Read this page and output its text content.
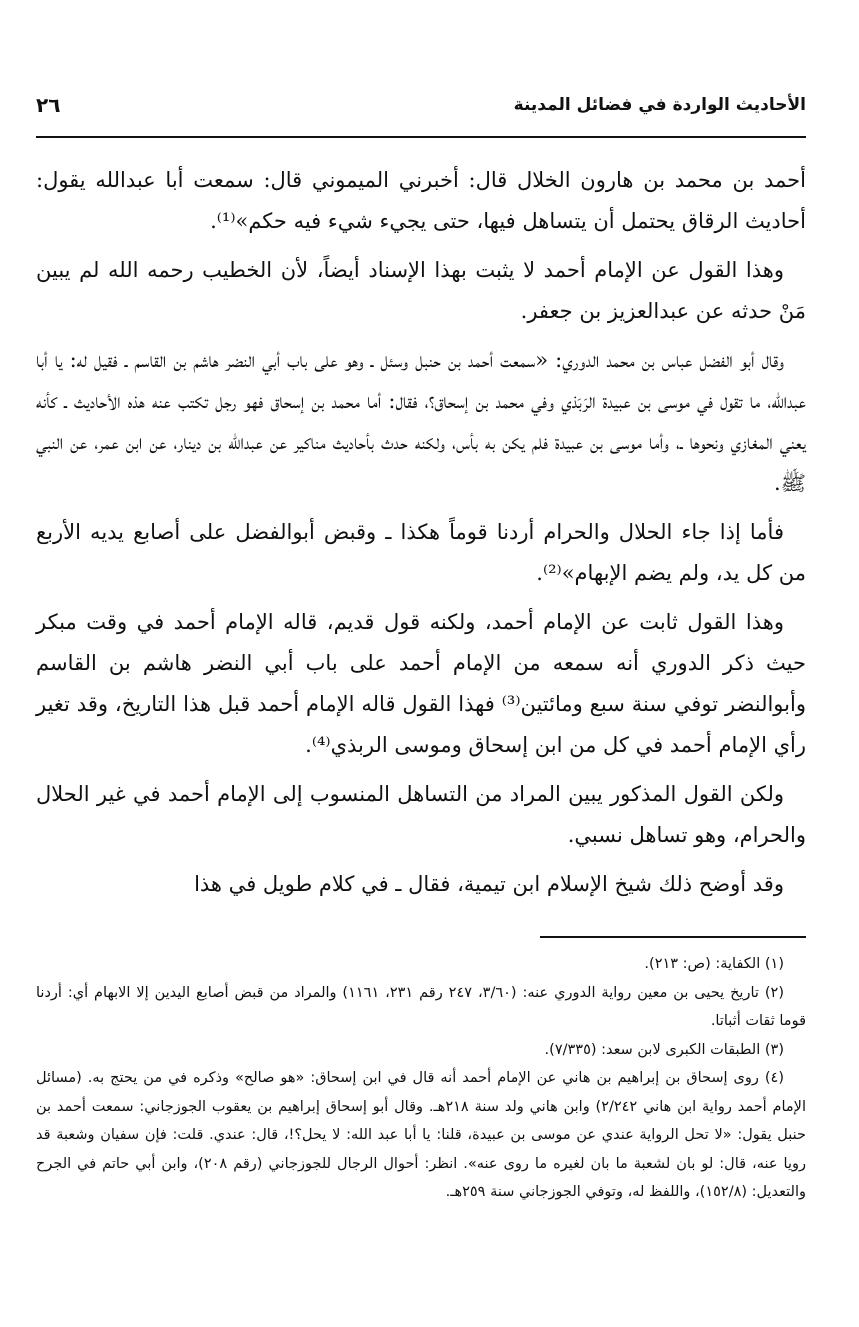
٢٦	الأحاديث الواردة في فضائل المدينة

أحمد بن محمد بن هارون الخلال قال: أخبرني الميموني قال: سمعت أبا عبدالله يقول: أحاديث الرقاق يحتمل أن يتساهل فيها، حتى يجيء شيء فيه حكم»⁽¹⁾.

وهذا القول عن الإمام أحمد لا يثبت بهذا الإسناد أيضاً، لأن الخطيب رحمه الله لم يبين مَنْ حدثه عن عبدالعزيز بن جعفر.

وقال أبو الفضل عباس بن محمد الدوري: «سمعت أحمد بن حنبل وسئل ـ وهو على باب أبي النضر هاشم بن القاسم ـ فقيل له: يا أبا عبدالله، ما تقول في موسى بن عبيدة الرَبَذي وفي محمد بن إسحاق؟، فقال: أما محمد بن إسحاق فهو رجل تكتب عنه هذه الأحاديث ـ كأنه يعني المغازي ونحوها ـ، وأما موسى بن عبيدة فلم يكن به بأس، ولكنه حدث بأحاديث مناكير عن عبدالله بن دينار، عن ابن عمر، عن النبي ﷺ.

فأما إذا جاء الحلال والحرام أردنا قوماً هكذا ـ وقبض أبوالفضل على أصابع يديه الأربع من كل يد، ولم يضم الإبهام»⁽²⁾.

وهذا القول ثابت عن الإمام أحمد، ولكنه قول قديم، قاله الإمام أحمد في وقت مبكر حيث ذكر الدوري أنه سمعه من الإمام أحمد على باب أبي النضر هاشم بن القاسم وأبوالنضر توفي سنة سبع ومائتين⁽³⁾ فهذا القول قاله الإمام أحمد قبل هذا التاريخ، وقد تغير رأي الإمام أحمد في كل من ابن إسحاق وموسى الربذي⁽⁴⁾.

ولكن القول المذكور يبين المراد من التساهل المنسوب إلى الإمام أحمد في غير الحلال والحرام، وهو تساهل نسبي.

وقد أوضح ذلك شيخ الإسلام ابن تيمية، فقال ـ في كلام طويل في هذا

(١) الكفاية: (ص: ٢١٣).

(٢) تاريخ يحيى بن معين رواية الدوري عنه: (٣/٦٠، ٢٤٧ رقم ٢٣١، ١١٦١) والمراد من قبض أصابع اليدين إلا الابهام أي: أردنا قوما ثقات أثباتا.

(٣) الطبقات الكبرى لابن سعد: (٧/٣٣٥).

(٤) روى إسحاق بن إبراهيم بن هاني عن الإمام أحمد أنه قال في ابن إسحاق: «هو صالح» وذكره في من يحتج به. (مسائل الإمام أحمد رواية ابن هاني ٢/٢٤٢) وابن هاني ولد سنة ٢١٨هـ. وقال أبو إسحاق إبراهيم بن يعقوب الجوزجاني: سمعت أحمد بن حنبل يقول: «لا تحل الرواية عندي عن موسى بن عبيدة، قلنا: يا أبا عبد الله: لا يحل؟!، قال: عندي. قلت: فإن سفيان وشعبة قد رويا عنه، قال: لو بان لشعبة ما بان لغيره ما روى عنه». انظر: أحوال الرجال للجوزجاني (رقم ٢٠٨)، وابن أبي حاتم في الجرح والتعديل: (١٥٢/٨)، واللفظ له، وتوفي الجوزجاني سنة ٢٥٩هـ.
